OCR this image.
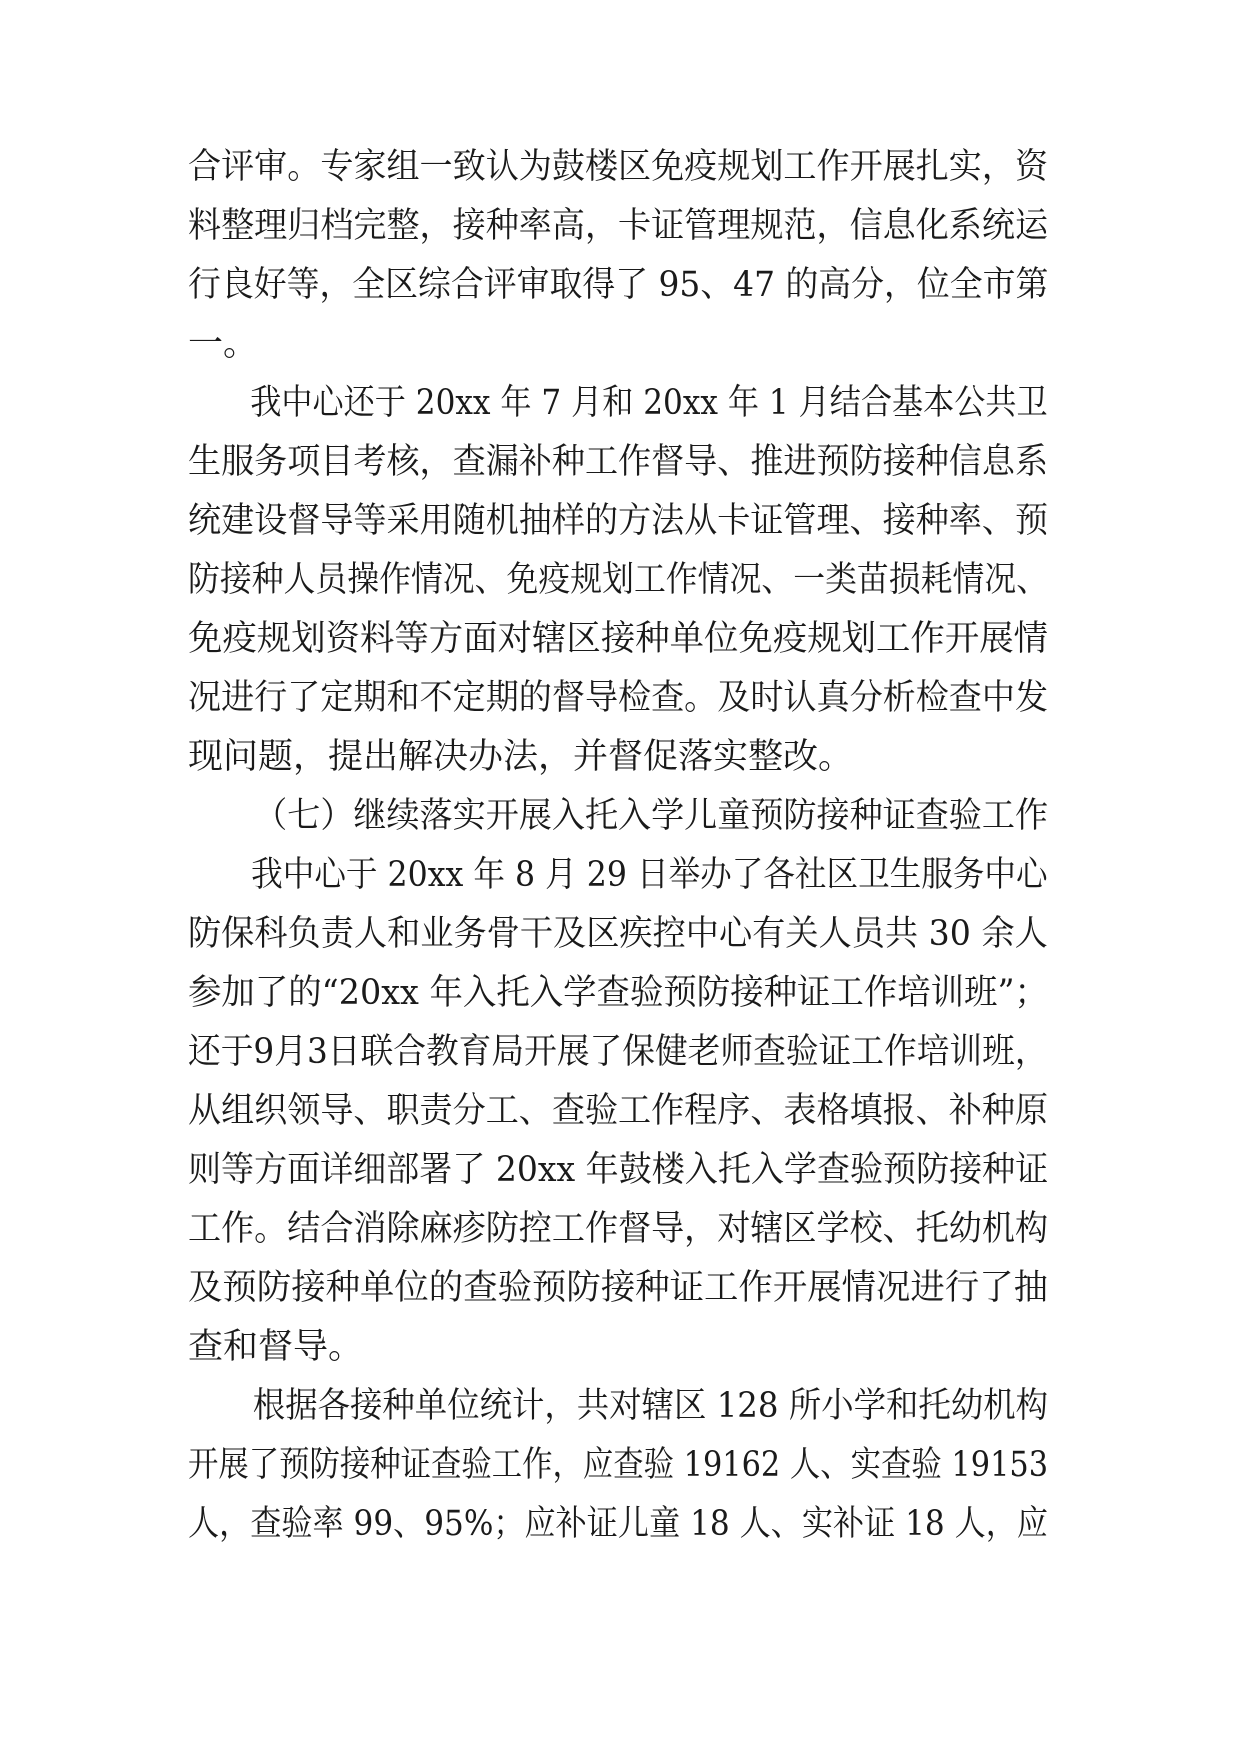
合评审。专家组一致认为鼓楼区免疫规划工作开展扎实，资
料整理归档完整，接种率高，卡证管理规范，信息化系统运
行良好等，全区综合评审取得了 95、47 的高分，位全市第
一。
我中心还于 20xx 年 7 月和 20xx 年 1 月结合基本公共卫
生服务项目考核，查漏补种工作督导、推进预防接种信息系
统建设督导等采用随机抽样的方法从卡证管理、接种率、预
防接种人员操作情况、免疫规划工作情况、一类苗损耗情况、
免疫规划资料等方面对辖区接种单位免疫规划工作开展情
况进行了定期和不定期的督导检查。及时认真分析检查中发
现问题，提出解决办法，并督促落实整改。
（七）继续落实开展入托入学儿童预防接种证查验工作
我中心于 20xx 年 8 月 29 日举办了各社区卫生服务中心
防保科负责人和业务骨干及区疾控中心有关人员共 30 余人
参加了的“20xx 年入托入学查验预防接种证工作培训班”；
还于9月3日联合教育局开展了保健老师查验证工作培训班，
从组织领导、职责分工、查验工作程序、表格填报、补种原
则等方面详细部署了 20xx 年鼓楼入托入学查验预防接种证
工作。结合消除麻疹防控工作督导，对辖区学校、托幼机构
及预防接种单位的查验预防接种证工作开展情况进行了抽
查和督导。
根据各接种单位统计，共对辖区 128 所小学和托幼机构
开展了预防接种证查验工作，应查验 19162 人、实查验 19153
人，查验率 99、95%；应补证儿童 18 人、实补证 18 人，应
